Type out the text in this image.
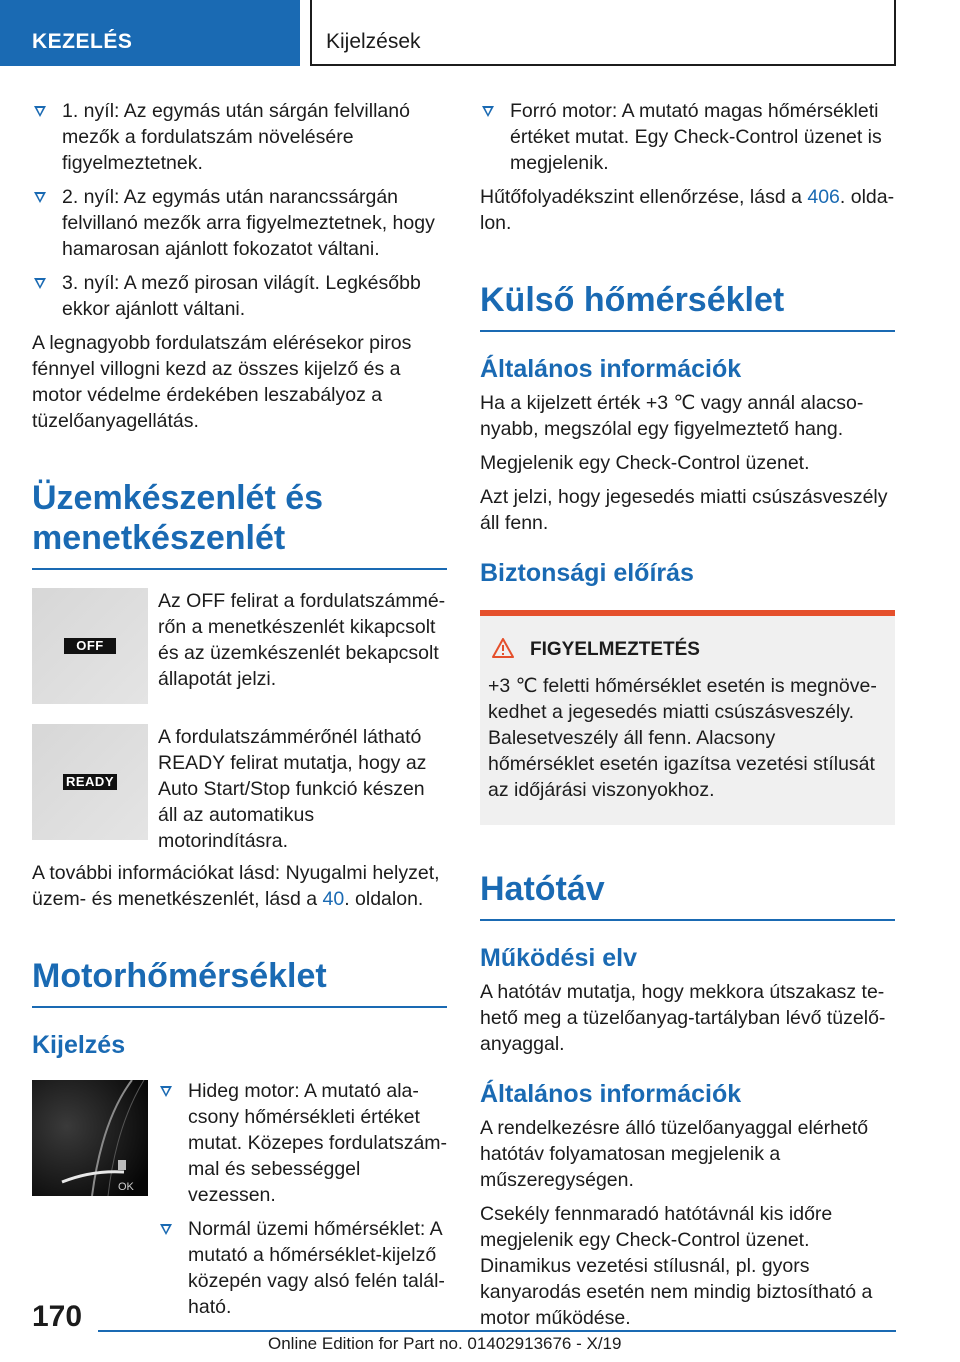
KEZELÉS	Kijelzések
1. nyíl: Az egymás után sárgán felvillanó mezők a fordulatszám növelésére figyelmeztetnek.
2. nyíl: Az egymás után narancssárgán felvillanó mezők arra figyelmeztetnek, hogy hamarosan ajánlott fokozatot váltani.
3. nyíl: A mező pirosan világít. Legkésőbb ekkor ajánlott váltani.
A legnagyobb fordulatszám elérésekor piros fénnyel villogni kezd az összes kijelző és a motor védelme érdekében leszabályoz a tüzelőanyagellátás.
Üzemkészenlét és menetkészenlét
OFF
Az OFF felirat a fordulatszámmérőn a menetkészenlét kikapcsolt és az üzemkészenlét bekapcsolt állapotát jelzi.
READY
A fordulatszámmérőnél látható READY felirat mutatja, hogy az Auto Start/Stop funkció készen áll az automatikus motorindításra.
A további információkat lásd: Nyugalmi helyzet, üzem- és menetkészenlét, lásd a 40. oldalon.
Motorhőmérséklet
Kijelzés
OK
Hideg motor: A mutató alacsony hőmérsékleti értéket mutat. Közepes fordulatszámmal és sebességgel vezessen.
Normál üzemi hőmérséklet: A mutató a hőmérséklet-kijelző közepén vagy alsó felén található.
Forró motor: A mutató magas hőmérsékleti értéket mutat. Egy Check-Control üzenet is megjelenik.
Hűtőfolyadékszint ellenőrzése, lásd a 406. oldalon.
Külső hőmérséklet
Általános információk
Ha a kijelzett érték +3 ℃ vagy annál alacsonyabb, megszólal egy figyelmeztető hang.
Megjelenik egy Check-Control üzenet.
Azt jelzi, hogy jegesedés miatti csúszásveszély áll fenn.
Biztonsági előírás
FIGYELMEZTETÉS
+3 ℃ feletti hőmérséklet esetén is megnövekedhet a jegesedés miatti csúszásveszély. Balesetveszély áll fenn. Alacsony hőmérséklet esetén igazítsa vezetési stílusát az időjárási viszonyokhoz.
Hatótáv
Működési elv
A hatótáv mutatja, hogy mekkora útszakasz tehető meg a tüzelőanyag-tartályban lévő tüzelőanyaggal.
Általános információk
A rendelkezésre álló tüzelőanyaggal elérhető hatótáv folyamatosan megjelenik a műszeregységen.
Csekély fennmaradó hatótávnál kis időre megjelenik egy Check-Control üzenet. Dinamikus vezetési stílusnál, pl. gyors kanyarodás esetén nem mindig biztosítható a motor működése.
170
Online Edition for Part no. 01402913676 - X/19
